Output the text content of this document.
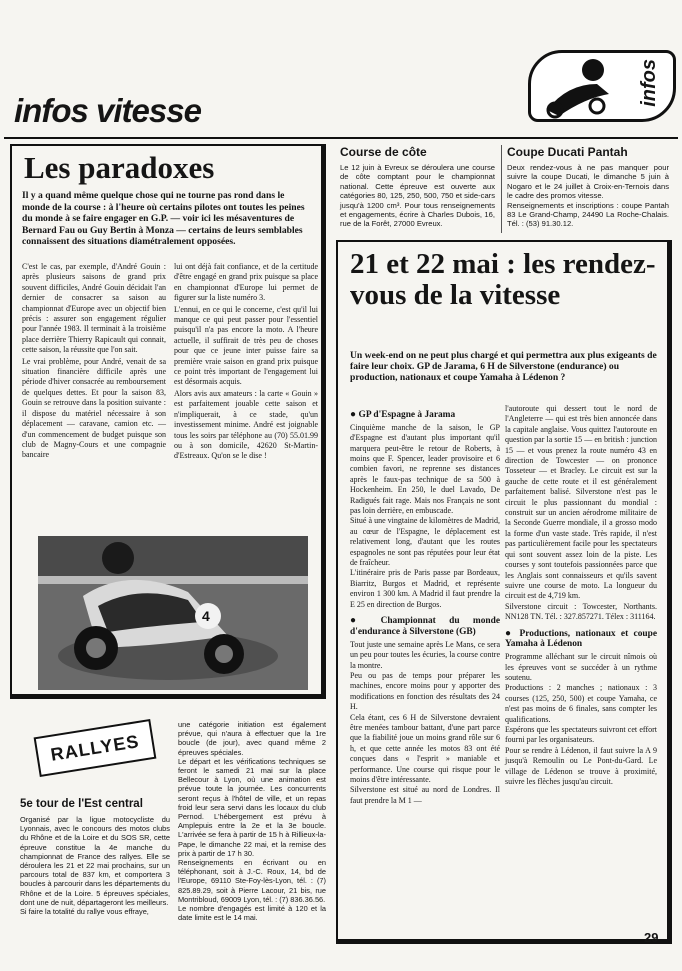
infos vitesse
infos
Les paradoxes
Il y a quand même quelque chose qui ne tourne pas rond dans le monde de la course : à l'heure où certains pilotes ont toutes les peines du monde à se faire engager en G.P. — voir ici les mésaventures de Bernard Fau ou Guy Bertin à Monza — certains de leurs semblables connaissent des situations diamétralement opposées.

C'est le cas, par exemple, d'André Gouin : après plusieurs saisons de grand prix souvent difficiles, André Gouin décidait l'an dernier de consacrer sa saison au championnat d'Europe avec un objectif bien précis : assurer son engagement régulier pour l'année 1983. Il terminait à la troisième place derrière Thierry Rapicault qui connait, cette saison, la réussite que l'on sait.

Le vrai problème, pour André, venait de sa situation financière difficile après une période d'hiver consacrée au remboursement de quelques dettes. Et pour la saison 83, Gouin se retrouve dans la position suivante : il dispose du matériel nécessaire à son déplacement — caravane, camion etc. — d'un commencement de budget puisque son club de Magny-Cours et une compagnie bancaire

lui ont déjà fait confiance, et de la certitude d'être engagé en grand prix puisque sa place en championnat d'Europe lui permet de figurer sur la liste numéro 3.

L'ennui, en ce qui le concerne, c'est qu'il lui manque ce qui peut passer pour l'essentiel puisqu'il n'a pas encore la moto. A l'heure actuelle, il suffirait de très peu de choses pour que ce jeune inter puisse faire sa première vraie saison en grand prix puisque ce point très important de l'engagement lui est désormais acquis.

Alors avis aux amateurs : la carte « Gouin » est parfaitement jouable cette saison et n'impliquerait, à ce stade, qu'un investissement minime. André est joignable tous les soirs par téléphone au (70) 55.01.99 ou à son domicile, 42620 St-Martin-d'Estreaux. Qu'on se le dise !

4
RALLYES
5e tour de l'Est central
Organisé par la ligue motocycliste du Lyonnais, avec le concours des motos clubs du Rhône et de la Loire et du SOS SR, cette épreuve constitue la 4e manche du championnat de France des rallyes. Elle se déroulera les 21 et 22 mai prochains, sur un parcours total de 837 km, et comportera 3 boucles à parcourir dans les départements du Rhône et de la Loire. 5 épreuves spéciales, dont une de nuit, départageront les meilleurs.
Si faire la totalité du rallye vous effraye,
une catégorie initiation est également prévue, qui n'aura à effectuer que la 1re boucle (de jour), avec quand même 2 épreuves spéciales.
Le départ et les vérifications techniques se feront le samedi 21 mai sur la place Bellecour à Lyon, où une animation est prévue toute la journée. Les concurrents seront reçus à l'hôtel de ville, et un repas froid leur sera servi dans les locaux du club Pernod. L'hébergement est prévu à Amplepuis entre la 2e et la 3e boucle. L'arrivée se fera à partir de 15 h à Rillieux-la-Pape, le dimanche 22 mai, et la remise des prix à partir de 17 h 30.
Renseignements en écrivant ou en téléphonant, soit à J.-C. Roux, 14, bd de l'Europe, 69110 Ste-Foy-lès-Lyon, tél. : (7) 825.89.29, soit à Pierre Lacour, 21 bis, rue Montribloud, 69009 Lyon, tél. : (7) 836.36.56.
Le nombre d'engagés est limité à 120 et la date limite est le 14 mai.
Course de côte
Le 12 juin à Evreux se déroulera une course de côte comptant pour le championnat national. Cette épreuve est ouverte aux catégories 80, 125, 250, 500, 750 et side-cars jusqu'à 1200 cm³. Pour tous renseignements et engagements, écrire à Charles Dubois, 16, rue de la Forêt, 27000 Evreux.
Coupe Ducati Pantah
Deux rendez-vous à ne pas manquer pour suivre la coupe Ducati, le dimanche 5 juin à Nogaro et le 24 juillet à Croix-en-Ternois dans le cadre des promos vitesse.
Renseignements et inscriptions : coupe Pantah 83 Le Grand-Champ, 24490 La Roche-Chalais. Tél. : (53) 91.30.12.
21 et 22 mai : les rendez-vous de la vitesse
Un week-end on ne peut plus chargé et qui permettra aux plus exigeants de faire leur choix. GP de Jarama, 6 H de Silverstone (endurance) ou production, nationaux et coupe Yamaha à Lédenon ?
● GP d'Espagne à Jarama

Cinquième manche de la saison, le GP d'Espagne est d'autant plus important qu'il marquera peut-être le retour de Roberts, à moins que F. Spencer, leader provisoire et 6 combien favori, ne reprenne ses distances après le faux-pas technique de sa 500 à Hockenheim. En 250, le duel Lavado, De Radigués fait rage. Mais nos Français ne sont pas loin derrière, en embuscade.
Situé à une vingtaine de kilomètres de Madrid, au cœur de l'Espagne, le déplacement est relativement long, d'autant que les routes espagnoles ne sont pas réputées pour leur état de fraîcheur.
L'itinéraire pris de Paris passe par Bordeaux, Biarritz, Burgos et Madrid, et représente environ 1 300 km. A Madrid il faut prendre la E 25 en direction de Burgos.

● Championnat du monde d'endurance à Silverstone (GB)

Tout juste une semaine après Le Mans, ce sera un peu pour toutes les écuries, la course contre la montre.
Peu ou pas de temps pour préparer les machines, encore moins pour y apporter des modifications en fonction des résultats des 24 H.
Cela étant, ces 6 H de Silverstone devraient être menées tambour battant, d'une part parce que la fiabilité joue un moins grand rôle sur 6 h, et que cette année les motos 83 ont été conçues dans « l'esprit » maniable et performance. Une course qui risque pour le moins d'être intéressante.
Silverstone est situé au nord de Londres. Il faut prendre la M 1 —

l'autoroute qui dessert tout le nord de l'Angleterre — qui est très bien annoncée dans la capitale anglaise. Vous quittez l'autoroute en question par la sortie 15 — en british : junction 15 — et vous prenez la route numéro 43 en direction de Towcester — on prononce Tosseteur — et Bracley. Le circuit est sur la gauche de cette route et il est généralement parfaitement balisé. Silverstone n'est pas le circuit le plus passionnant du mondial : construit sur un ancien aérodrome militaire de la Seconde Guerre mondiale, il a grosso modo la forme d'un vaste stade. Très rapide, il n'est pas particulièrement facile pour les spectateurs qui sont souvent assez loin de la piste. Les courses y sont toutefois passionnées parce que les Anglais sont connaisseurs et qu'ils savent suivre une course de moto. La longueur du circuit est de 4,719 km.
Silverstone circuit : Towcester, Northants. NN128 TN. Tél. : 327.857271. Télex : 311164.

● Productions, nationaux et coupe Yamaha à Lédenon

Programme alléchant sur le circuit nîmois où les épreuves vont se succéder à un rythme soutenu.
Productions : 2 manches ; nationaux : 3 courses (125, 250, 500) et coupe Yamaha, ce n'est pas moins de 6 finales, sans compter les qualifications.
Espérons que les spectateurs suivront cet effort fourni par les organisateurs.
Pour se rendre à Lédenon, il faut suivre la A 9 jusqu'à Remoulin ou Le Pont-du-Gard. Le village de Lédenon se trouve à proximité, suivre les flèches jusqu'au circuit.

29
